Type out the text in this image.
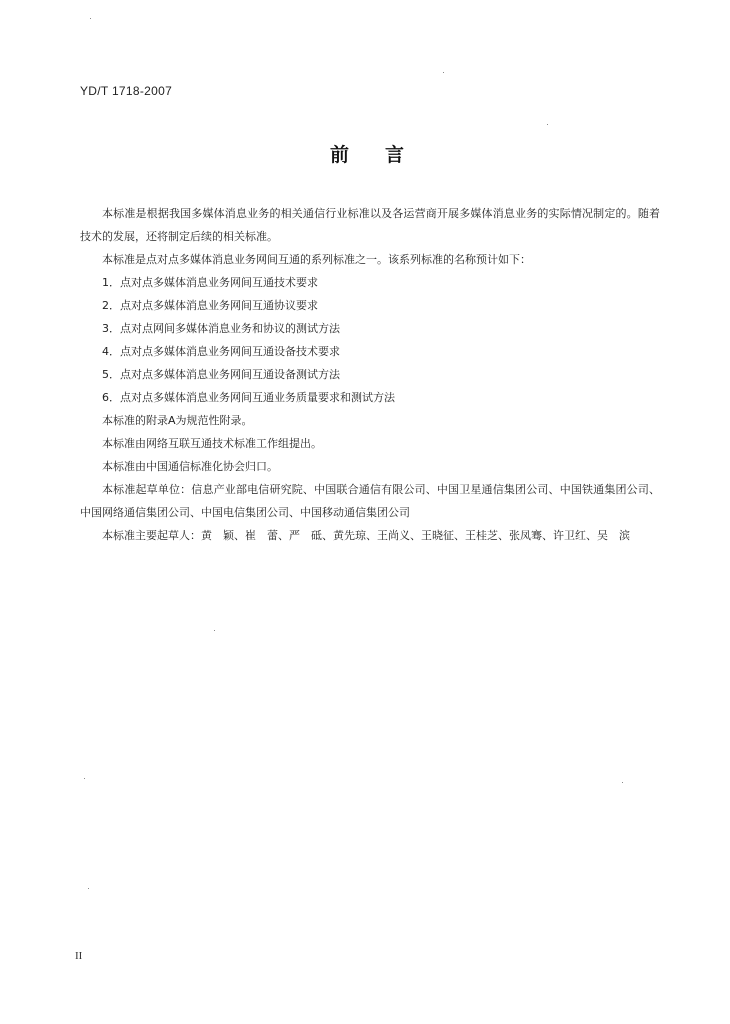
YD/T 1718-2007
前言

本标准是根据我国多媒体消息业务的相关通信行业标准以及各运营商开展多媒体消息业务的实际情况制定的。随着技术的发展，还将制定后续的相关标准。

本标准是点对点多媒体消息业务网间互通的系列标准之一。该系列标准的名称预计如下：

1．点对点多媒体消息业务网间互通技术要求

2．点对点多媒体消息业务网间互通协议要求

3．点对点网间多媒体消息业务和协议的测试方法

4．点对点多媒体消息业务网间互通设备技术要求

5．点对点多媒体消息业务网间互通设备测试方法

6．点对点多媒体消息业务网间互通业务质量要求和测试方法

本标准的附录A为规范性附录。

本标准由网络互联互通技术标准工作组提出。

本标准由中国通信标准化协会归口。

本标准起草单位：信息产业部电信研究院、中国联合通信有限公司、中国卫星通信集团公司、中国铁通集团公司、中国网络通信集团公司、中国电信集团公司、中国移动通信集团公司

本标准主要起草人：黄　颖、崔　蕾、严　砥、黄先琼、王尚义、王晓征、王桂芝、张凤骞、许卫红、吴　滨

II
